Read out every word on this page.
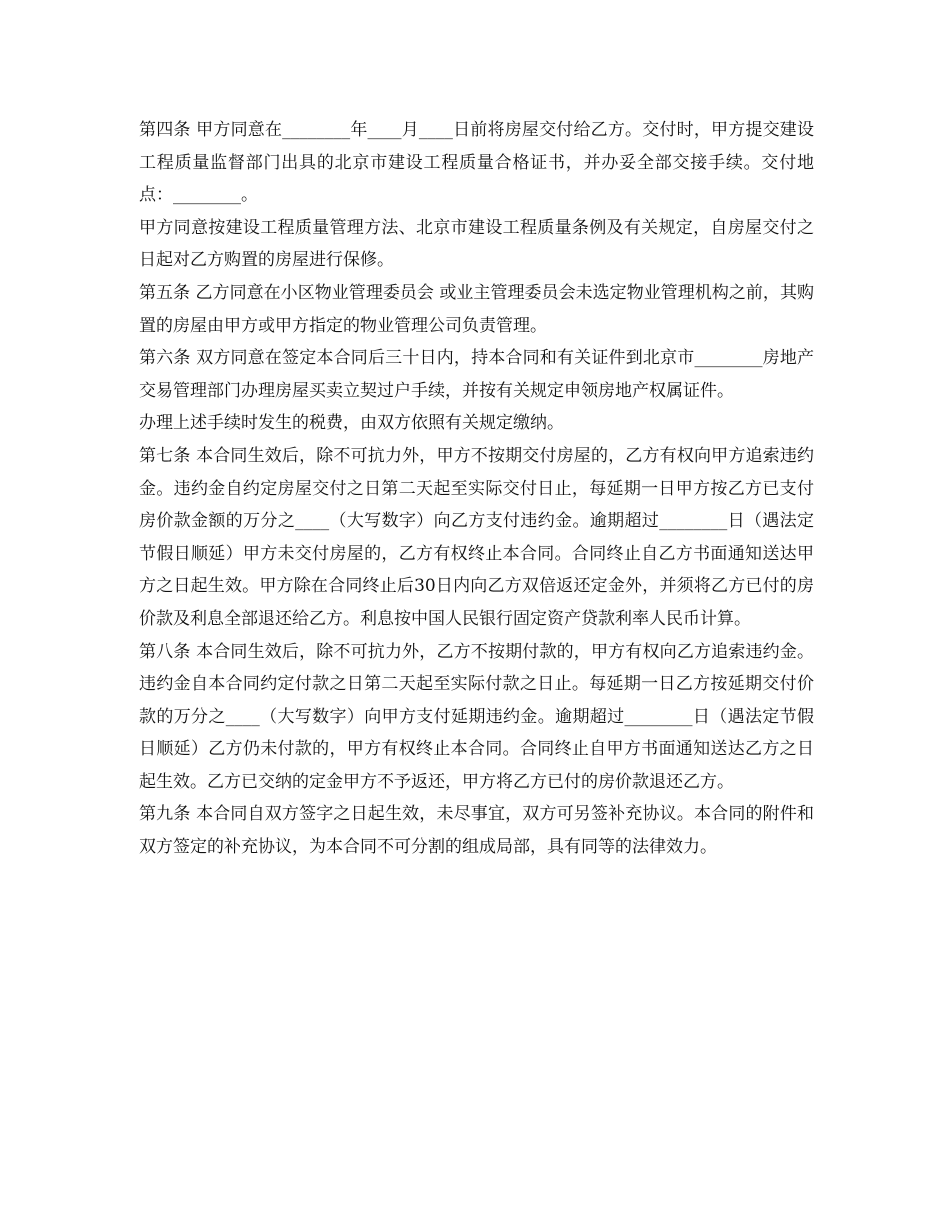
第四条 甲方同意在________年____月____日前将房屋交付给乙方。交付时，甲方提交建设工程质量监督部门出具的北京市建设工程质量合格证书，并办妥全部交接手续。交付地点：________。

甲方同意按建设工程质量管理方法、北京市建设工程质量条例及有关规定，自房屋交付之日起对乙方购置的房屋进行保修。

第五条 乙方同意在小区物业管理委员会 或业主管理委员会未选定物业管理机构之前，其购置的房屋由甲方或甲方指定的物业管理公司负责管理。

第六条 双方同意在签定本合同后三十日内，持本合同和有关证件到北京市________房地产交易管理部门办理房屋买卖立契过户手续，并按有关规定申领房地产权属证件。

办理上述手续时发生的税费，由双方依照有关规定缴纳。

第七条 本合同生效后，除不可抗力外，甲方不按期交付房屋的，乙方有权向甲方追索违约金。违约金自约定房屋交付之日第二天起至实际交付日止，每延期一日甲方按乙方已支付房价款金额的万分之____（大写数字）向乙方支付违约金。逾期超过________日（遇法定节假日顺延）甲方未交付房屋的，乙方有权终止本合同。合同终止自乙方书面通知送达甲方之日起生效。甲方除在合同终止后30日内向乙方双倍返还定金外，并须将乙方已付的房价款及利息全部退还给乙方。利息按中国人民银行固定资产贷款利率人民币计算。

第八条 本合同生效后，除不可抗力外，乙方不按期付款的，甲方有权向乙方追索违约金。违约金自本合同约定付款之日第二天起至实际付款之日止。每延期一日乙方按延期交付价款的万分之____（大写数字）向甲方支付延期违约金。逾期超过________日（遇法定节假日顺延）乙方仍未付款的，甲方有权终止本合同。合同终止自甲方书面通知送达乙方之日起生效。乙方已交纳的定金甲方不予返还，甲方将乙方已付的房价款退还乙方。

第九条 本合同自双方签字之日起生效，未尽事宜，双方可另签补充协议。本合同的附件和双方签定的补充协议，为本合同不可分割的组成局部，具有同等的法律效力。
